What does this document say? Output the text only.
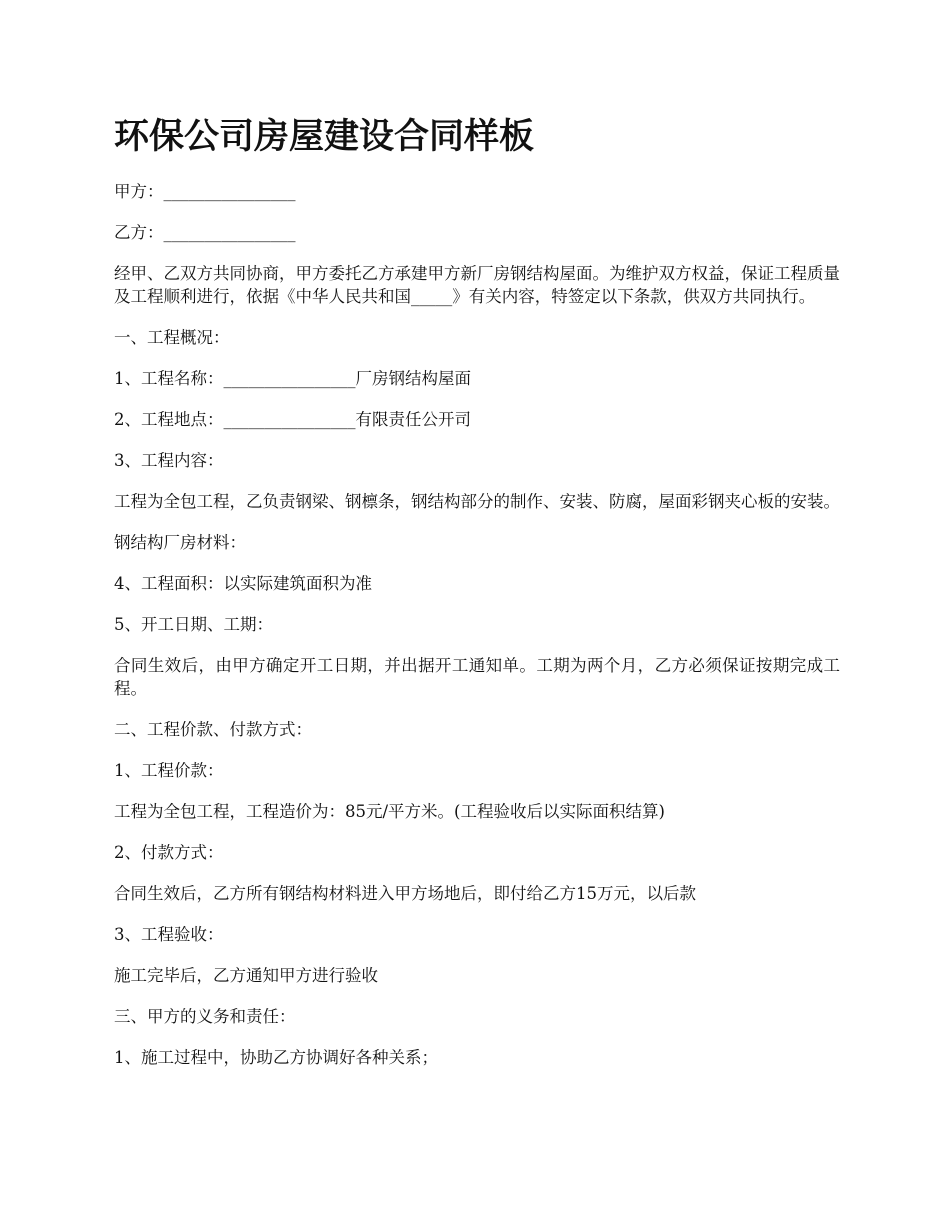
环保公司房屋建设合同样板
甲方：________________
乙方：________________
经甲、乙双方共同协商，甲方委托乙方承建甲方新厂房钢结构屋面。为维护双方权益，保证工程质量及工程顺利进行，依据《中华人民共和国_____》有关内容，特签定以下条款，供双方共同执行。
一、工程概况：
1、工程名称：________________厂房钢结构屋面
2、工程地点：________________有限责任公开司
3、工程内容：
工程为全包工程，乙负责钢梁、钢檩条，钢结构部分的制作、安装、防腐，屋面彩钢夹心板的安装。
钢结构厂房材料：
4、工程面积：以实际建筑面积为准
5、开工日期、工期：
合同生效后，由甲方确定开工日期，并出据开工通知单。工期为两个月，乙方必须保证按期完成工程。
二、工程价款、付款方式：
1、工程价款：
工程为全包工程，工程造价为：85元/平方米。(工程验收后以实际面积结算)
2、付款方式：
合同生效后，乙方所有钢结构材料进入甲方场地后，即付给乙方15万元，以后款
3、工程验收：
施工完毕后，乙方通知甲方进行验收
三、甲方的义务和责任：
1、施工过程中，协助乙方协调好各种关系；
